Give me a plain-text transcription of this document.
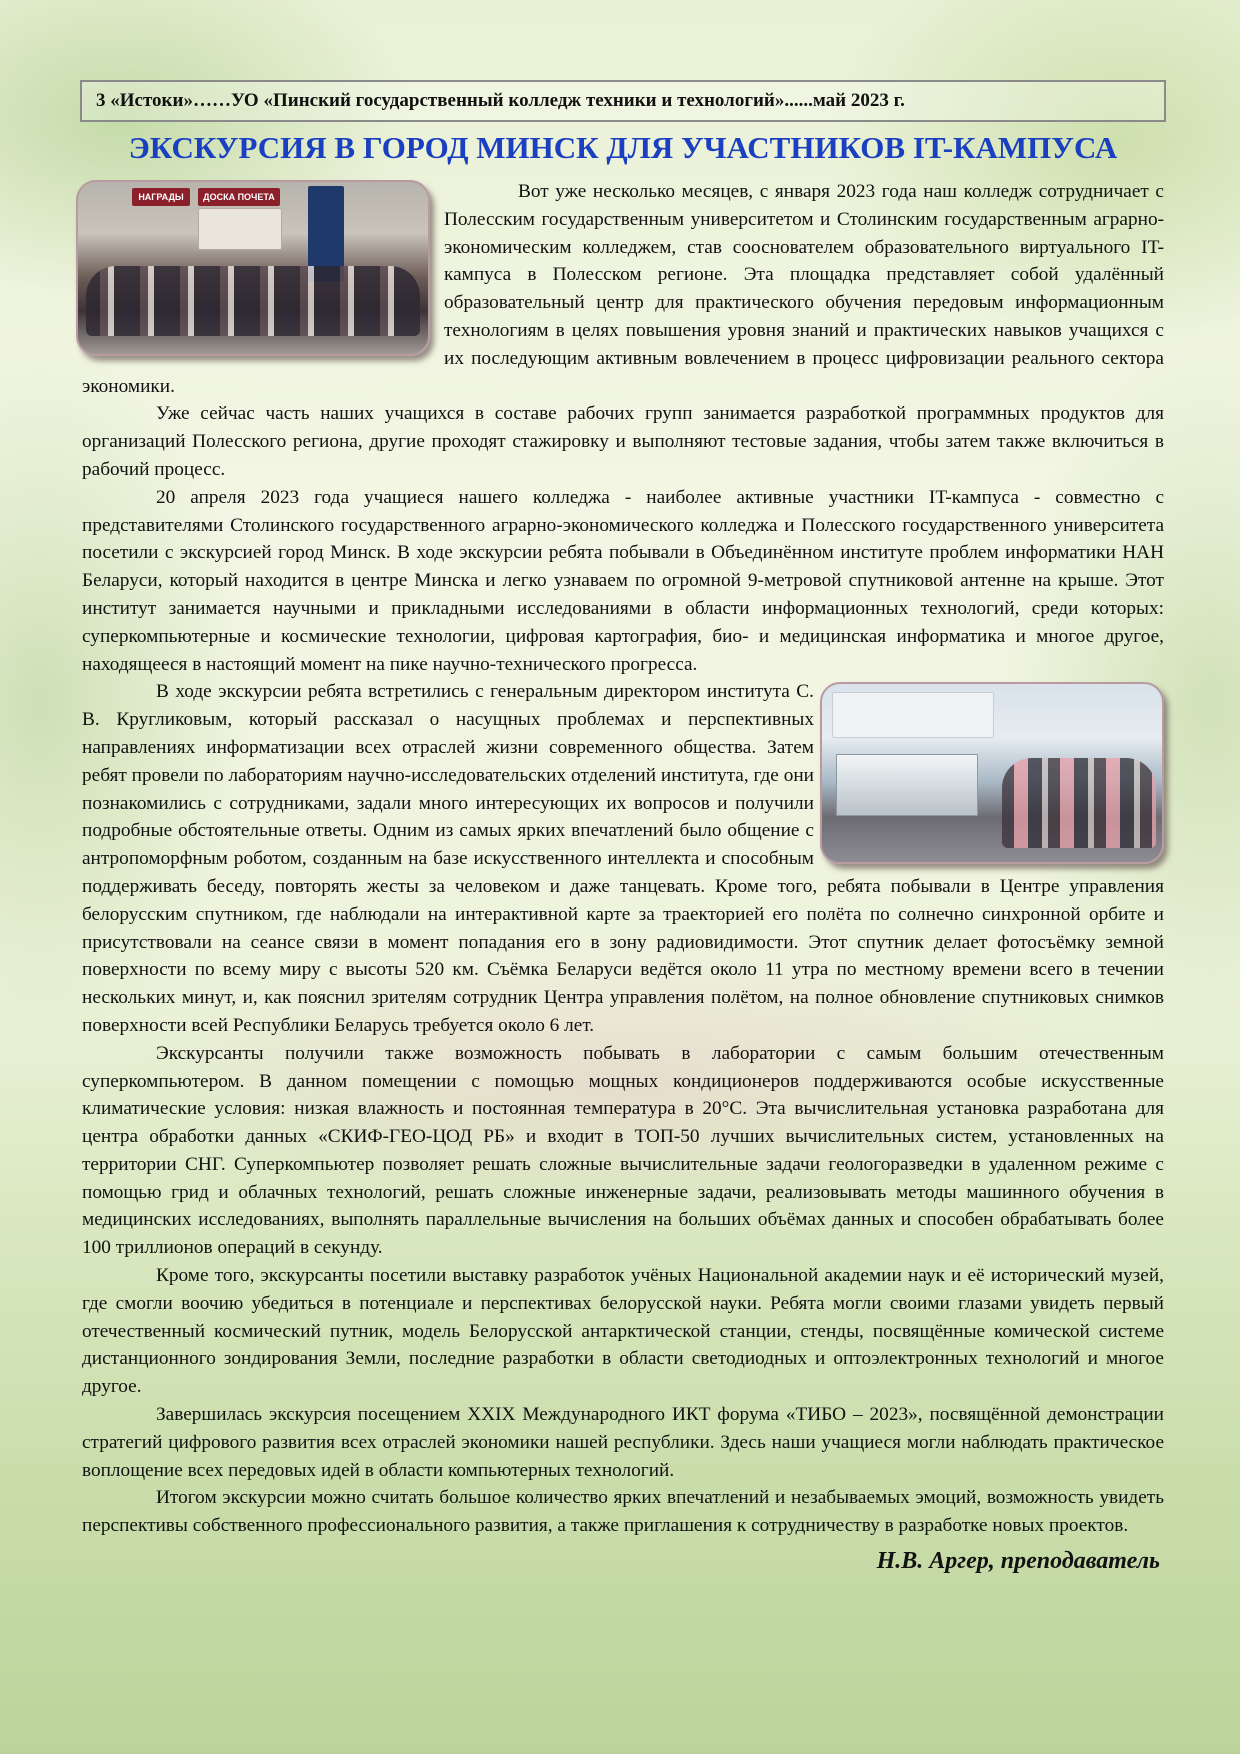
3 «Истоки»……УО «Пинский государственный колледж техники и технологий»......май 2023 г.
ЭКСКУРСИЯ В ГОРОД МИНСК ДЛЯ УЧАСТНИКОВ IT-КАМПУСА
НАГРАДЫ	ДОСКА ПОЧЕТА	Вот уже несколько месяцев, с января 2023 года наш колледж сотрудничает с Полесским государственным университетом и Столинским государственным аграрно-экономическим колледжем, став сооснователем образовательного виртуального IT-кампуса в Полесском регионе. Эта площадка представляет собой удалённый образовательный центр для практического обучения передовым информационным технологиям в целях повышения уровня знаний и практических навыков учащихся с их последующим активным вовлечением в процесс цифровизации реального сектора экономики.

Уже сейчас часть наших учащихся в составе рабочих групп занимается разработкой программных продуктов для организаций Полесского региона, другие проходят стажировку и выполняют тестовые задания, чтобы затем также включиться в рабочий процесс.

20 апреля 2023 года учащиеся нашего колледжа - наиболее активные участники IT-кампуса - совместно с представителями Столинского государственного аграрно-экономического колледжа и Полесского государственного университета посетили с экскурсией город Минск. В ходе экскурсии ребята побывали в Объединённом институте проблем информатики НАН Беларуси, который находится в центре Минска и легко узнаваем по огромной 9-метровой спутниковой антенне на крыше. Этот институт занимается научными и прикладными исследованиями в области информационных технологий, среди которых: суперкомпьютерные и космические технологии, цифровая картография, био- и медицинская информатика и многое другое, находящееся в настоящий момент на пике научно-технического прогресса.

В ходе экскурсии ребята встретились с генеральным директором института С. В. Кругликовым, который рассказал о насущных проблемах и перспективных направлениях информатизации всех отраслей жизни современного общества. Затем ребят провели по лабораториям научно-исследовательских отделений института, где они познакомились с сотрудниками, задали много интересующих их вопросов и получили подробные обстоятельные ответы. Одним из самых ярких впечатлений было общение с антропоморфным роботом, созданным на базе искусственного интеллекта и способным поддерживать беседу, повторять жесты за человеком и даже танцевать. Кроме того, ребята побывали в Центре управления белорусским спутником, где наблюдали на интерактивной карте за траекторией его полёта по солнечно синхронной орбите и присутствовали на сеансе связи в момент попадания его в зону радиовидимости. Этот спутник делает фотосъёмку земной поверхности по всему миру с высоты 520 км. Съёмка Беларуси ведётся около 11 утра по местному времени всего в течении нескольких минут, и, как пояснил зрителям сотрудник Центра управления полётом, на полное обновление спутниковых снимков поверхности всей Республики Беларусь требуется около 6 лет.

Экскурсанты получили также возможность побывать в лаборатории с самым большим отечественным суперкомпьютером. В данном помещении с помощью мощных кондиционеров поддерживаются особые искусственные климатические условия: низкая влажность и постоянная температура в 20°С. Эта вычислительная установка разработана для центра обработки данных «СКИФ-ГЕО-ЦОД РБ» и входит в ТОП-50 лучших вычислительных систем, установленных на территории СНГ. Суперкомпьютер позволяет решать сложные вычислительные задачи геологоразведки в удаленном режиме с помощью грид и облачных технологий, решать сложные инженерные задачи, реализовывать методы машинного обучения в медицинских исследованиях, выполнять параллельные вычисления на больших объёмах данных и способен обрабатывать более 100 триллионов операций в секунду.

Кроме того, экскурсанты посетили выставку разработок учёных Национальной академии наук и её исторический музей, где смогли воочию убедиться в потенциале и перспективах белорусской науки. Ребята могли своими глазами увидеть первый отечественный космический путник, модель Белорусской антарктической станции, стенды, посвящённые комической системе дистанционного зондирования Земли, последние разработки в области светодиодных и оптоэлектронных технологий и многое другое.

Завершилась экскурсия посещением XXIX Международного ИКТ форума «ТИБО – 2023», посвящённой демонстрации стратегий цифрового развития всех отраслей экономики нашей республики. Здесь наши учащиеся могли наблюдать практическое воплощение всех передовых идей в области компьютерных технологий.

Итогом экскурсии можно считать большое количество ярких впечатлений и незабываемых эмоций, возможность увидеть перспективы собственного профессионального развития, а также приглашения к сотрудничеству в разработке новых проектов.

Н.В. Аргер, преподаватель
